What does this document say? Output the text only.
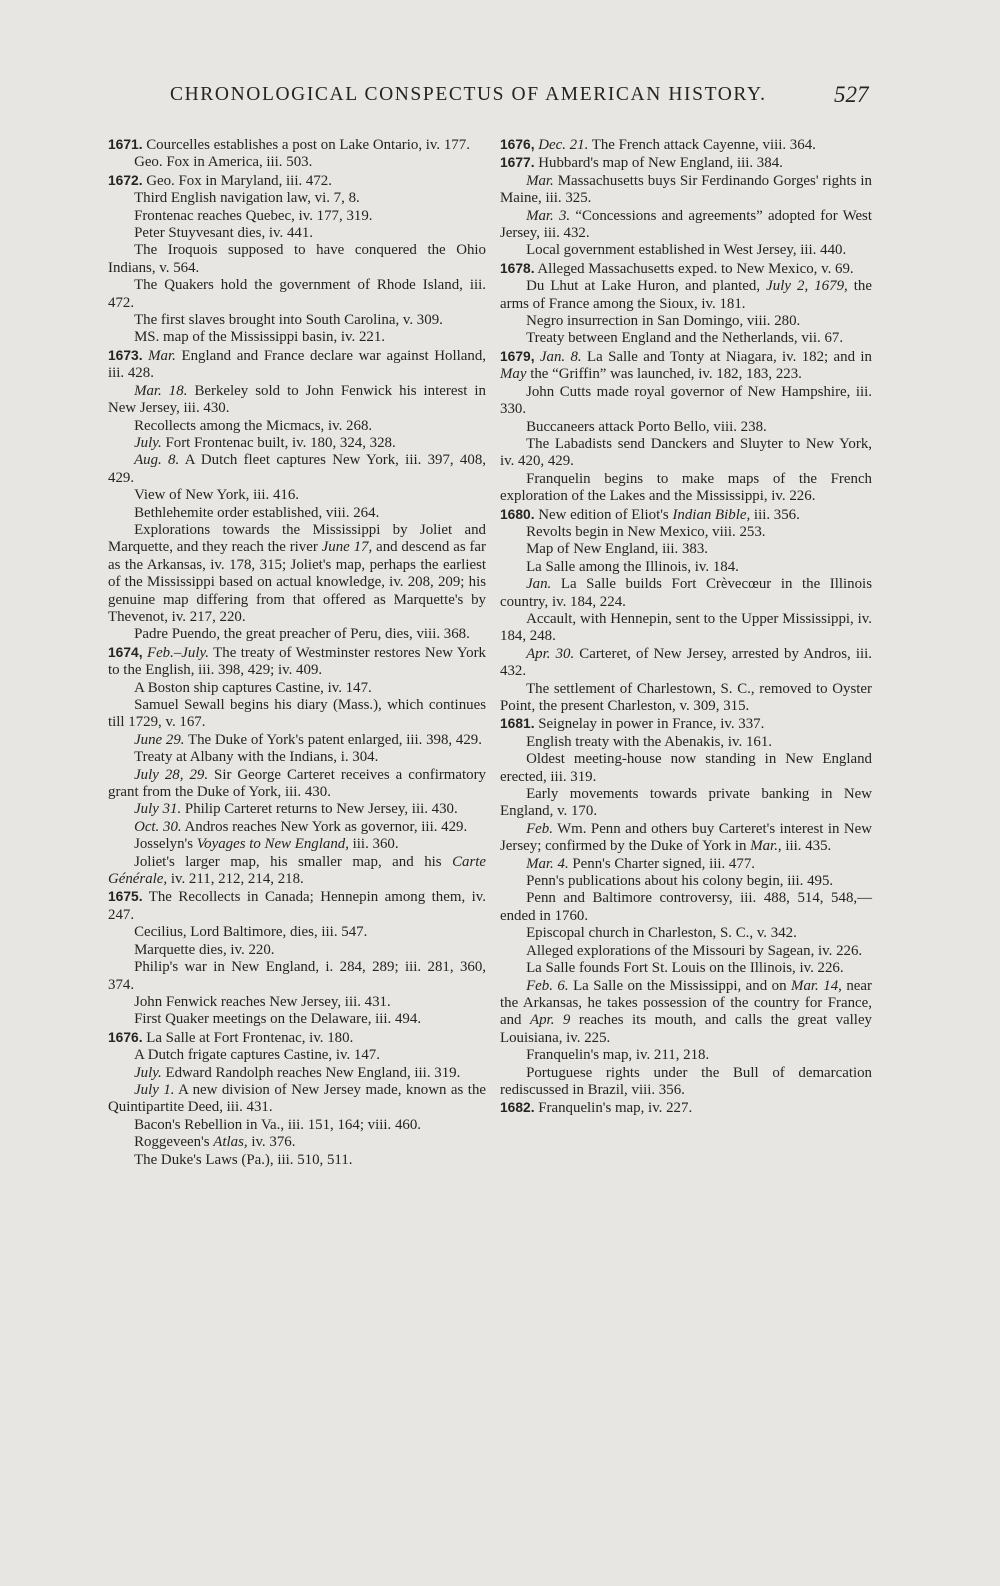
CHRONOLOGICAL CONSPECTUS OF AMERICAN HISTORY.	527

1671. Courcelles establishes a post on Lake Ontario, iv. 177.

Geo. Fox in America, iii. 503.

1672. Geo. Fox in Maryland, iii. 472.

Third English navigation law, vi. 7, 8.

Frontenac reaches Quebec, iv. 177, 319.

Peter Stuyvesant dies, iv. 441.

The Iroquois supposed to have conquered the Ohio Indians, v. 564.

The Quakers hold the government of Rhode Island, iii. 472.

The first slaves brought into South Carolina, v. 309.

MS. map of the Mississippi basin, iv. 221.

1673. Mar. England and France declare war against Holland, iii. 428.

Mar. 18. Berkeley sold to John Fenwick his interest in New Jersey, iii. 430.

Recollects among the Micmacs, iv. 268.

July. Fort Frontenac built, iv. 180, 324, 328.

Aug. 8. A Dutch fleet captures New York, iii. 397, 408, 429.

View of New York, iii. 416.

Bethlehemite order established, viii. 264.

Explorations towards the Mississippi by Joliet and Marquette, and they reach the river June 17, and descend as far as the Arkansas, iv. 178, 315; Joliet's map, perhaps the earliest of the Mississippi based on actual knowledge, iv. 208, 209; his genuine map differing from that offered as Marquette's by Thevenot, iv. 217, 220.

Padre Puendo, the great preacher of Peru, dies, viii. 368.

1674, Feb.–July. The treaty of Westminster restores New York to the English, iii. 398, 429; iv. 409.

A Boston ship captures Castine, iv. 147.

Samuel Sewall begins his diary (Mass.), which continues till 1729, v. 167.

June 29. The Duke of York's patent enlarged, iii. 398, 429.

Treaty at Albany with the Indians, i. 304.

July 28, 29. Sir George Carteret receives a confirmatory grant from the Duke of York, iii. 430.

July 31. Philip Carteret returns to New Jersey, iii. 430.

Oct. 30. Andros reaches New York as governor, iii. 429.

Josselyn's Voyages to New England, iii. 360.

Joliet's larger map, his smaller map, and his Carte Générale, iv. 211, 212, 214, 218.

1675. The Recollects in Canada; Hennepin among them, iv. 247.

Cecilius, Lord Baltimore, dies, iii. 547.

Marquette dies, iv. 220.

Philip's war in New England, i. 284, 289; iii. 281, 360, 374.

John Fenwick reaches New Jersey, iii. 431.

First Quaker meetings on the Delaware, iii. 494.

1676. La Salle at Fort Frontenac, iv. 180.

A Dutch frigate captures Castine, iv. 147.

July. Edward Randolph reaches New England, iii. 319.

July 1. A new division of New Jersey made, known as the Quintipartite Deed, iii. 431.

Bacon's Rebellion in Va., iii. 151, 164; viii. 460.

Roggeveen's Atlas, iv. 376.

The Duke's Laws (Pa.), iii. 510, 511.

1676, Dec. 21. The French attack Cayenne, viii. 364.

1677. Hubbard's map of New England, iii. 384.

Mar. Massachusetts buys Sir Ferdinando Gorges' rights in Maine, iii. 325.

Mar. 3. “Concessions and agreements” adopted for West Jersey, iii. 432.

Local government established in West Jersey, iii. 440.

1678. Alleged Massachusetts exped. to New Mexico, v. 69.

Du Lhut at Lake Huron, and planted, July 2, 1679, the arms of France among the Sioux, iv. 181.

Negro insurrection in San Domingo, viii. 280.

Treaty between England and the Netherlands, vii. 67.

1679, Jan. 8. La Salle and Tonty at Niagara, iv. 182; and in May the “Griffin” was launched, iv. 182, 183, 223.

John Cutts made royal governor of New Hampshire, iii. 330.

Buccaneers attack Porto Bello, viii. 238.

The Labadists send Danckers and Sluyter to New York, iv. 420, 429.

Franquelin begins to make maps of the French exploration of the Lakes and the Mississippi, iv. 226.

1680. New edition of Eliot's Indian Bible, iii. 356.

Revolts begin in New Mexico, viii. 253.

Map of New England, iii. 383.

La Salle among the Illinois, iv. 184.

Jan. La Salle builds Fort Crèvecœur in the Illinois country, iv. 184, 224.

Accault, with Hennepin, sent to the Upper Mississippi, iv. 184, 248.

Apr. 30. Carteret, of New Jersey, arrested by Andros, iii. 432.

The settlement of Charlestown, S. C., removed to Oyster Point, the present Charleston, v. 309, 315.

1681. Seignelay in power in France, iv. 337.

English treaty with the Abenakis, iv. 161.

Oldest meeting-house now standing in New England erected, iii. 319.

Early movements towards private banking in New England, v. 170.

Feb. Wm. Penn and others buy Carteret's interest in New Jersey; confirmed by the Duke of York in Mar., iii. 435.

Mar. 4. Penn's Charter signed, iii. 477.

Penn's publications about his colony begin, iii. 495.

Penn and Baltimore controversy, iii. 488, 514, 548,—ended in 1760.

Episcopal church in Charleston, S. C., v. 342.

Alleged explorations of the Missouri by Sagean, iv. 226.

La Salle founds Fort St. Louis on the Illinois, iv. 226.

Feb. 6. La Salle on the Mississippi, and on Mar. 14, near the Arkansas, he takes possession of the country for France, and Apr. 9 reaches its mouth, and calls the great valley Louisiana, iv. 225.

Franquelin's map, iv. 211, 218.

Portuguese rights under the Bull of demarcation rediscussed in Brazil, viii. 356.

1682. Franquelin's map, iv. 227.
